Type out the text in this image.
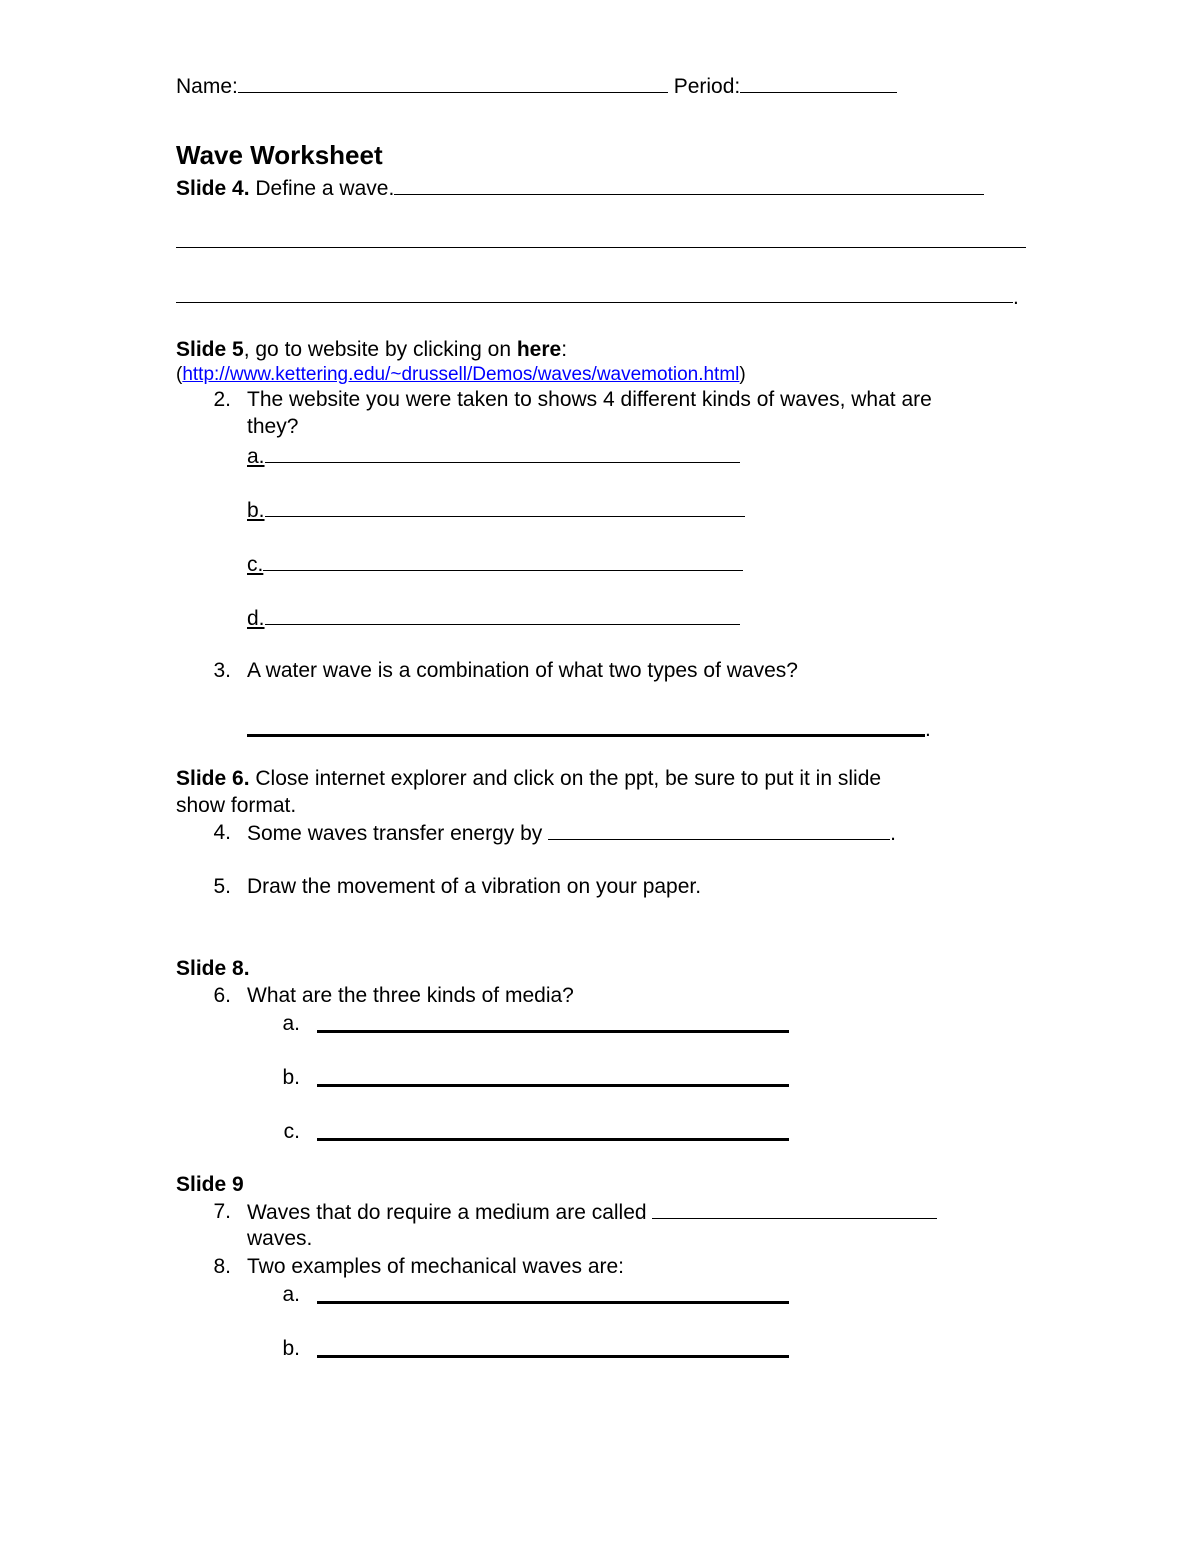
Name:	Period:
Wave Worksheet
Slide 4. Define a wave.
.
Slide 5, go to website by clicking on here:
(http://www.kettering.edu/~drussell/Demos/waves/wavemotion.html)
2. The website you were taken to shows 4 different kinds of waves, what are
they?
a.
b.
c.
d.
3. A water wave is a combination of what two types of waves?
.
Slide 6. Close internet explorer and click on the ppt, be sure to put it in slide
show format.
4. Some waves transfer energy by	.
5. Draw the movement of a vibration on your paper.
Slide 8.
6. What are the three kinds of media?
a.
b.
c.
Slide 9
7. Waves that do require a medium are called
waves.
8. Two examples of mechanical waves are:
a.
b.
